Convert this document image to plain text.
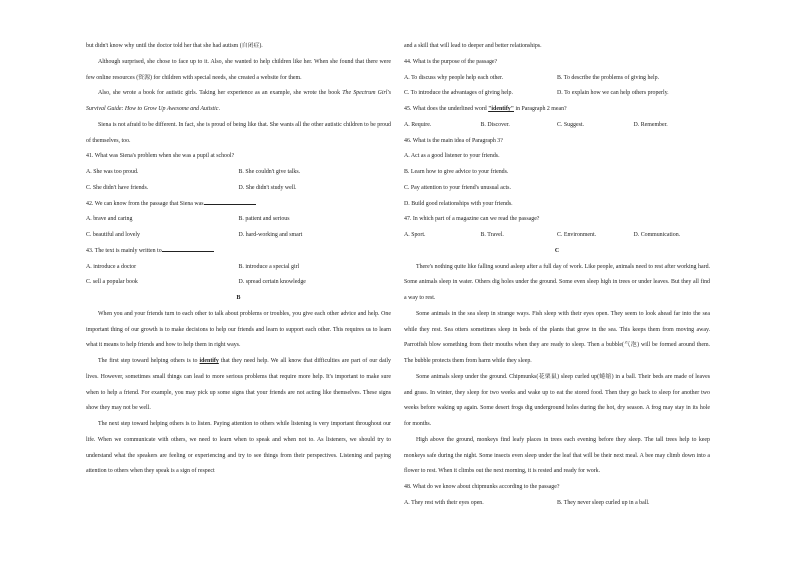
but didn't know why until the doctor told her that she had autism (自闭症).

Although surprised, she chose to face up to it. Also, she wanted to help children like her. When she found that there were few online resources (资源) for children with special needs, she created a website for them.

Also, she wrote a book for autistic girls. Taking her experience as an example, she wrote the book The Spectrum Girl's Survival Guide: How to Grow Up Awesome and Autistic.

Siena is not afraid to be different. In fact, she is proud of being like that. She wants all the other autistic children to be proud of themselves, too.

41. What was Siena's problem when she was a pupil at school?

A. She was too proud.	B. She couldn't give talks.
C. She didn't have friends.	D. She didn't study well.

42. We can know from the passage that Siena was

A. brave and caring	B. patient and serious
C. beautiful and lovely	D. hard-working and smart

43. The text is mainly written to

A. introduce a doctor	B. introduce a special girl
C. sell a popular book	D. spread certain knowledge

B

When you and your friends turn to each other to talk about problems or troubles, you give each other advice and help. One important thing of our growth is to make decisions to help our friends and learn to support each other. This requires us to learn what it means to help friends and how to help them in right ways.

The first step toward helping others is to identify that they need help. We all know that difficulties are part of our daily lives. However, sometimes small things can lead to more serious problems that require more help. It's important to make sure when to help a friend. For example, you may pick up some signs that your friends are not acting like themselves. These signs show they may not be well.

The next step toward helping others is to listen. Paying attention to others while listening is very important throughout our life. When we communicate with others, we need to learn when to speak and when not to. As listeners, we should try to understand what the speakers are feeling or experiencing and try to see things from their perspectives. Listening and paying attention to others when they speak is a sign of respect

and a skill that will lead to deeper and better relationships.

44. What is the purpose of the passage?

A. To discuss why people help each other.	B. To describe the problems of giving help.
C. To introduce the advantages of giving help.	D. To explain how we can help others properly.

45. What does the underlined word "identify" in Paragraph 2 mean?

A. Require.	B. Discover.	C. Suggest.	D. Remember.

46. What is the main idea of Paragraph 3?

A. Act as a good listener to your friends.

B. Learn how to give advice to your friends.

C. Pay attention to your friend's unusual acts.

D. Build good relationships with your friends.

47. In which part of a magazine can we read the passage?

A. Sport.	B. Travel.	C. Environment.	D. Communication.

C

There's nothing quite like falling sound asleep after a full day of work. Like people, animals need to rest after working hard. Some animals sleep in water. Others dig holes under the ground. Some even sleep high in trees or under leaves. But they all find a way to rest.

Some animals in the sea sleep in strange ways. Fish sleep with their eyes open. They seem to look ahead far into the sea while they rest. Sea otters sometimes sleep in beds of the plants that grow in the sea. This keeps them from moving away. Parrotfish blow something from their mouths when they are ready to sleep. Then a bubble(气泡) will be formed around them. The bubble protects them from harm while they sleep.

Some animals sleep under the ground. Chipmunks(花栗鼠) sleep curled up(蜷缩) in a ball. Their beds are made of leaves and grass. In winter, they sleep for two weeks and wake up to eat the stored food. Then they go back to sleep for another two weeks before waking up again. Some desert frogs dig underground holes during the hot, dry season. A frog may stay in its hole for months.

High above the ground, monkeys find leafy places in trees each evening before they sleep. The tall trees help to keep monkeys safe during the night. Some insects even sleep under the leaf that will be their next meal. A bee may climb down into a flower to rest. When it climbs out the next morning, it is rested and ready for work.

48. What do we know about chipmunks according to the passage?

A. They rest with their eyes open.	B. They never sleep curled up in a ball.
